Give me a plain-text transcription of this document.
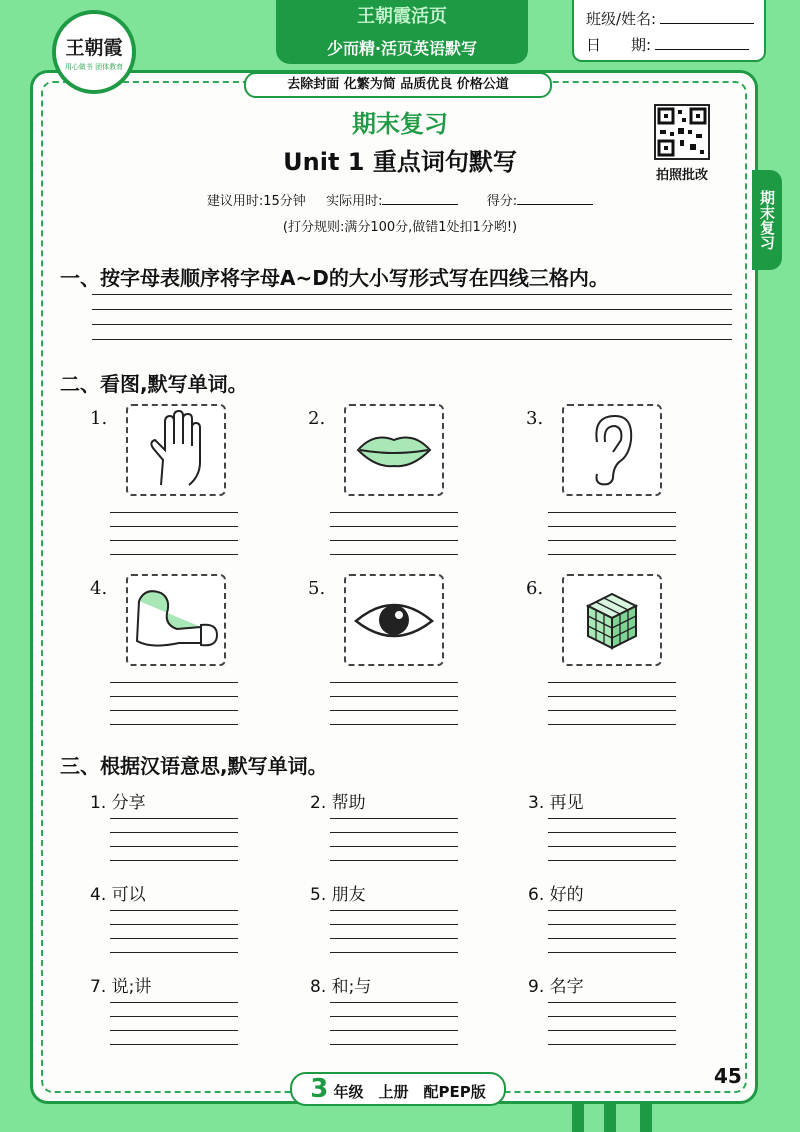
王朝霞
用心做书 团体教育
王朝霞活页
少而精·活页英语默写
去除封面 化繁为简 品质优良 价格公道
班级/姓名:
日　　期:
期末复习
Unit 1 重点词句默写	拍照批改
期末复习
建议用时:15分钟 实际用时:	得分:
(打分规则:满分100分,做错1处扣1分哟!)
一、按字母表顺序将字母A~D的大小写形式写在四线三格内。
二、看图,默写单词。
1.	2.	3.
4.	5.	6.
三、根据汉语意思,默写单词。
1. 分享	2. 帮助	3. 再见
4. 可以	5. 朋友	6. 好的
7. 说;讲	8. 和;与	9. 名字
3 年级　上册　配PEP版
45
